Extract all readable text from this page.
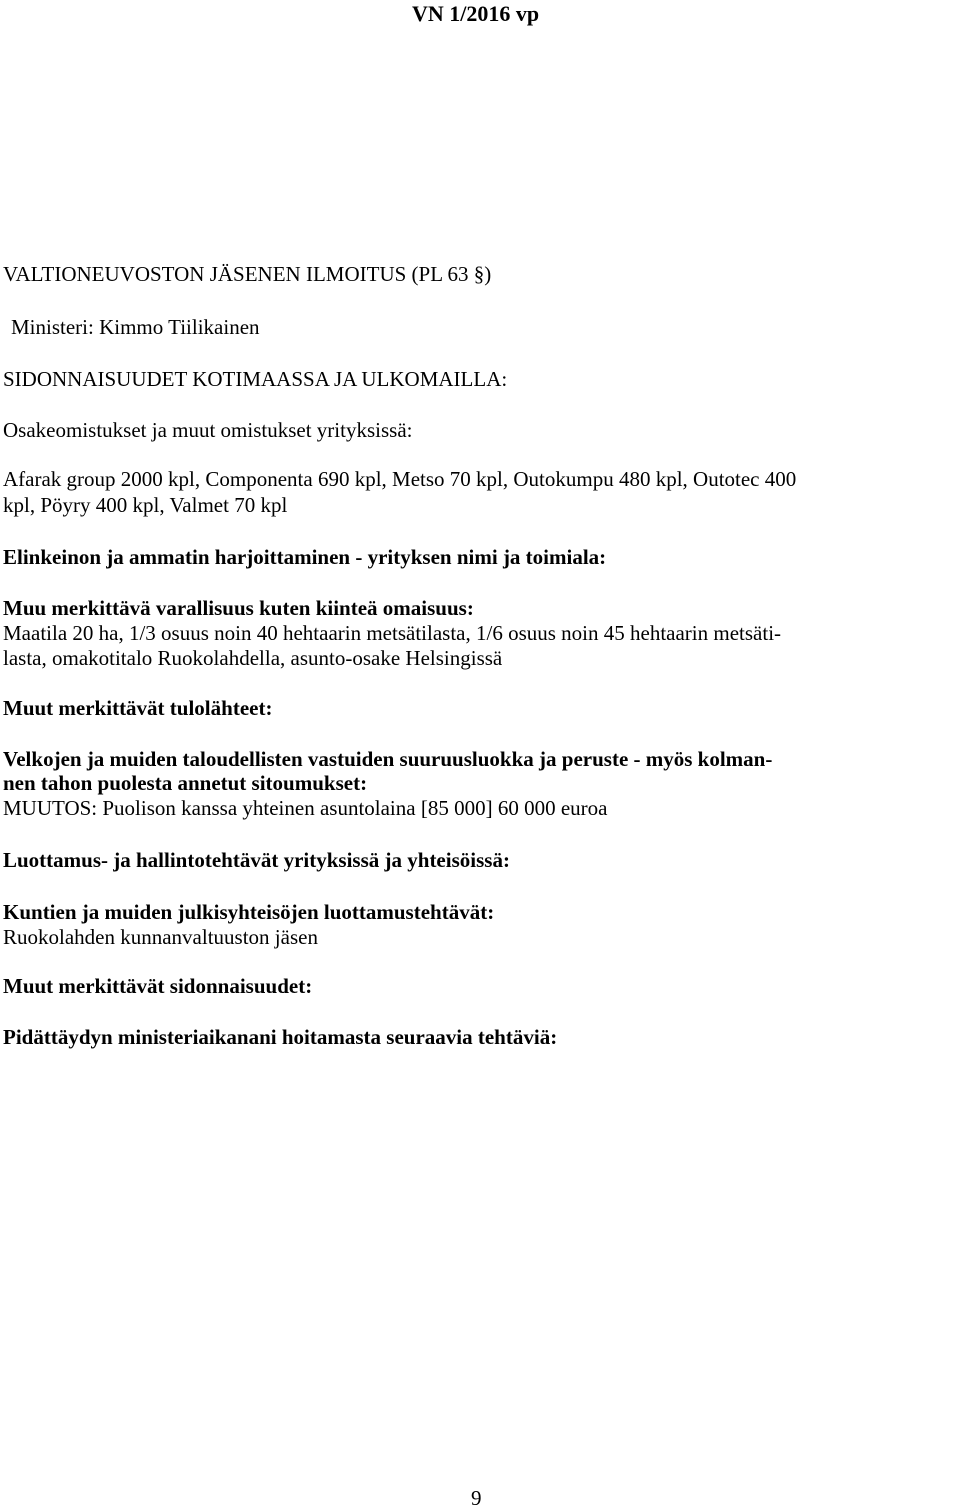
VN 1/2016 vp
VALTIONEUVOSTON JÄSENEN ILMOITUS (PL 63 §)
Ministeri: Kimmo Tiilikainen
SIDONNAISUUDET KOTIMAASSA JA ULKOMAILLA:
Osakeomistukset ja muut omistukset yrityksissä:
Afarak group 2000 kpl, Componenta 690 kpl, Metso 70 kpl, Outokumpu 480 kpl, Outotec 400
kpl, Pöyry 400 kpl, Valmet 70 kpl
Elinkeinon ja ammatin harjoittaminen - yrityksen nimi ja toimiala:
Muu merkittävä varallisuus kuten kiinteä omaisuus:
Maatila 20 ha, 1/3 osuus noin 40 hehtaarin metsätilasta, 1/6 osuus noin 45 hehtaarin metsäti-
lasta, omakotitalo Ruokolahdella, asunto-osake Helsingissä
Muut merkittävät tulolähteet:
Velkojen ja muiden taloudellisten vastuiden suuruusluokka ja peruste - myös kolman-
nen tahon puolesta annetut sitoumukset:
MUUTOS: Puolison kanssa yhteinen asuntolaina [85 000] 60 000 euroa
Luottamus- ja hallintotehtävät yrityksissä ja yhteisöissä:
Kuntien ja muiden julkisyhteisöjen luottamustehtävät:
Ruokolahden kunnanvaltuuston jäsen
Muut merkittävät sidonnaisuudet:
Pidättäydyn ministeriaikanani hoitamasta seuraavia tehtäviä:
9
